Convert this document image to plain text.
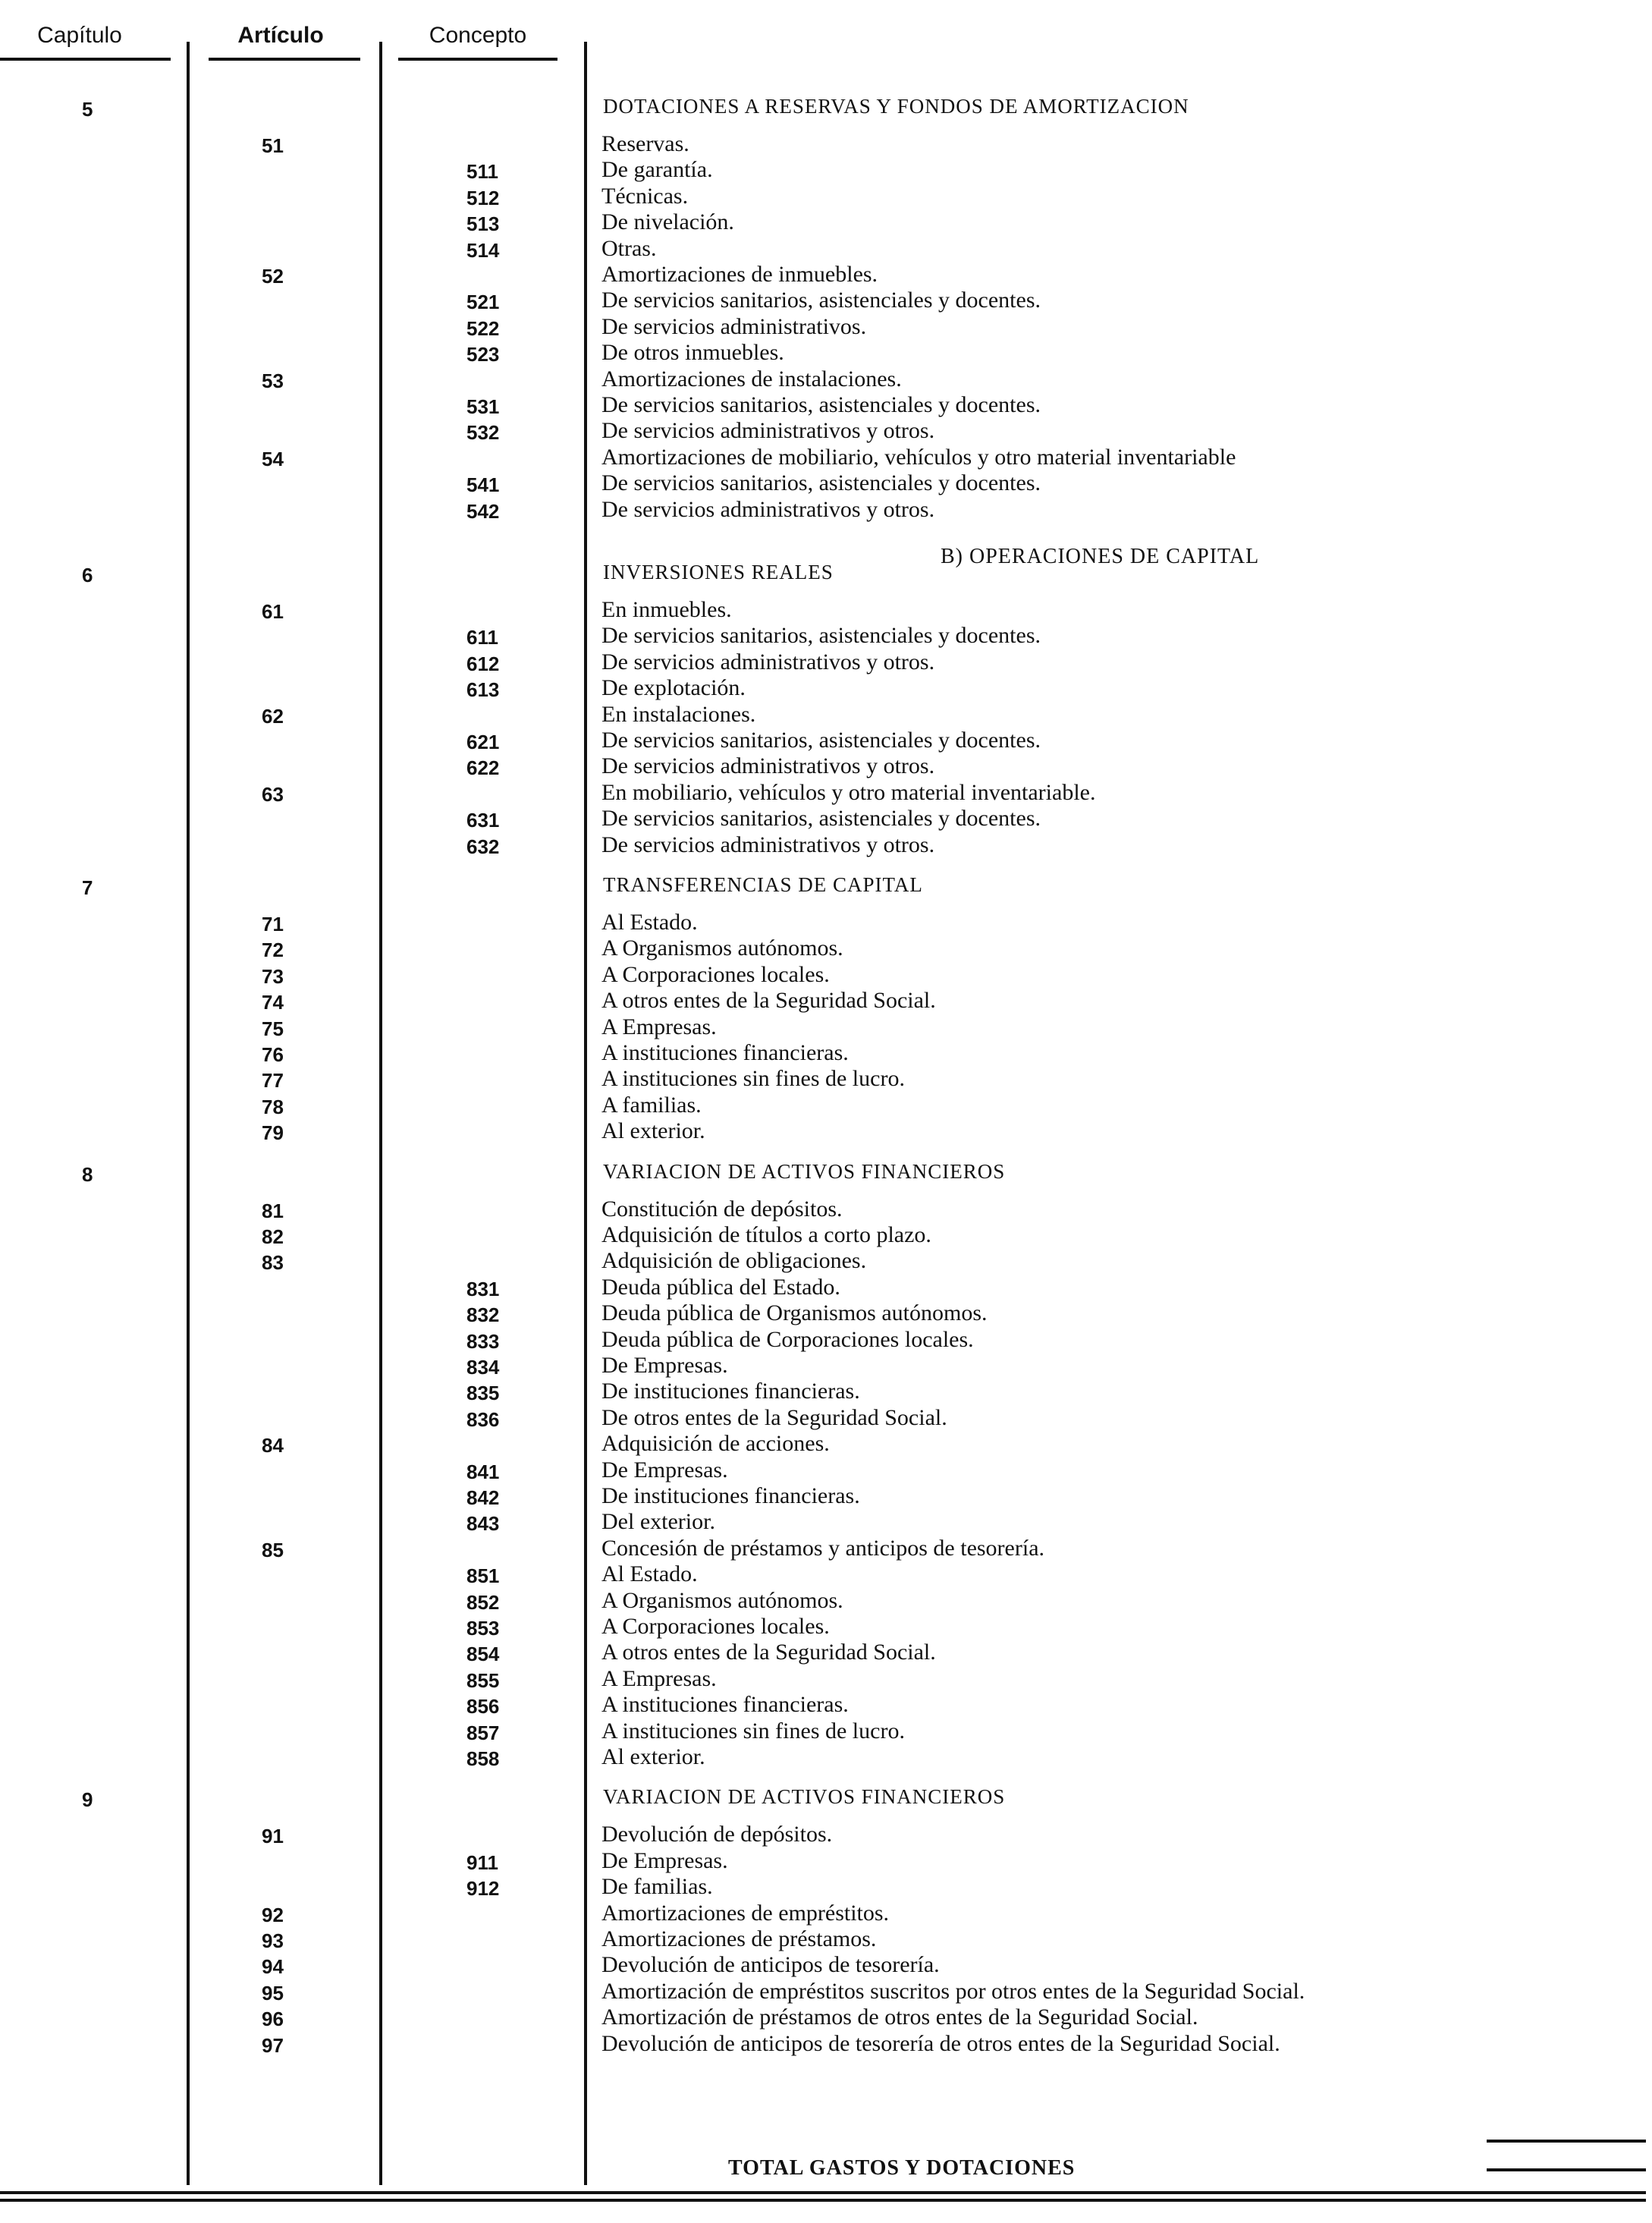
Capítulo	Artículo	Concepto
B) OPERACIONES DE CAPITAL
5	DOTACIONES A RESERVAS Y FONDOS DE AMORTIZACION
51	Reservas.
511	De garantía.
512	Técnicas.
513	De nivelación.
514	Otras.
52	Amortizaciones de inmuebles.
521	De servicios sanitarios, asistenciales y docentes.
522	De servicios administrativos.
523	De otros inmuebles.
53	Amortizaciones de instalaciones.
531	De servicios sanitarios, asistenciales y docentes.
532	De servicios administrativos y otros.
54	Amortizaciones de mobiliario, vehículos y otro material inventariable
541	De servicios sanitarios, asistenciales y docentes.
542	De servicios administrativos y otros.
6	INVERSIONES REALES
61	En inmuebles.
611	De servicios sanitarios, asistenciales y docentes.
612	De servicios administrativos y otros.
613	De explotación.
62	En instalaciones.
621	De servicios sanitarios, asistenciales y docentes.
622	De servicios administrativos y otros.
63	En mobiliario, vehículos y otro material inventariable.
631	De servicios sanitarios, asistenciales y docentes.
632	De servicios administrativos y otros.
7	TRANSFERENCIAS DE CAPITAL
71	Al Estado.
72	A Organismos autónomos.
73	A Corporaciones locales.
74	A otros entes de la Seguridad Social.
75	A Empresas.
76	A instituciones financieras.
77	A instituciones sin fines de lucro.
78	A familias.
79	Al exterior.
8	VARIACION DE ACTIVOS FINANCIEROS
81	Constitución de depósitos.
82	Adquisición de títulos a corto plazo.
83	Adquisición de obligaciones.
831	Deuda pública del Estado.
832	Deuda pública de Organismos autónomos.
833	Deuda pública de Corporaciones locales.
834	De Empresas.
835	De instituciones financieras.
836	De otros entes de la Seguridad Social.
84	Adquisición de acciones.
841	De Empresas.
842	De instituciones financieras.
843	Del exterior.
85	Concesión de préstamos y anticipos de tesorería.
851	Al Estado.
852	A Organismos autónomos.
853	A Corporaciones locales.
854	A otros entes de la Seguridad Social.
855	A Empresas.
856	A instituciones financieras.
857	A instituciones sin fines de lucro.
858	Al exterior.
9	VARIACION DE ACTIVOS FINANCIEROS
91	Devolución de depósitos.
911	De Empresas.
912	De familias.
92	Amortizaciones de empréstitos.
93	Amortizaciones de préstamos.
94	Devolución de anticipos de tesorería.
95	Amortización de empréstitos suscritos por otros entes de la Seguridad Social.
96	Amortización de préstamos de otros entes de la Seguridad Social.
97	Devolución de anticipos de tesorería de otros entes de la Seguridad Social.
TOTAL GASTOS Y DOTACIONES
